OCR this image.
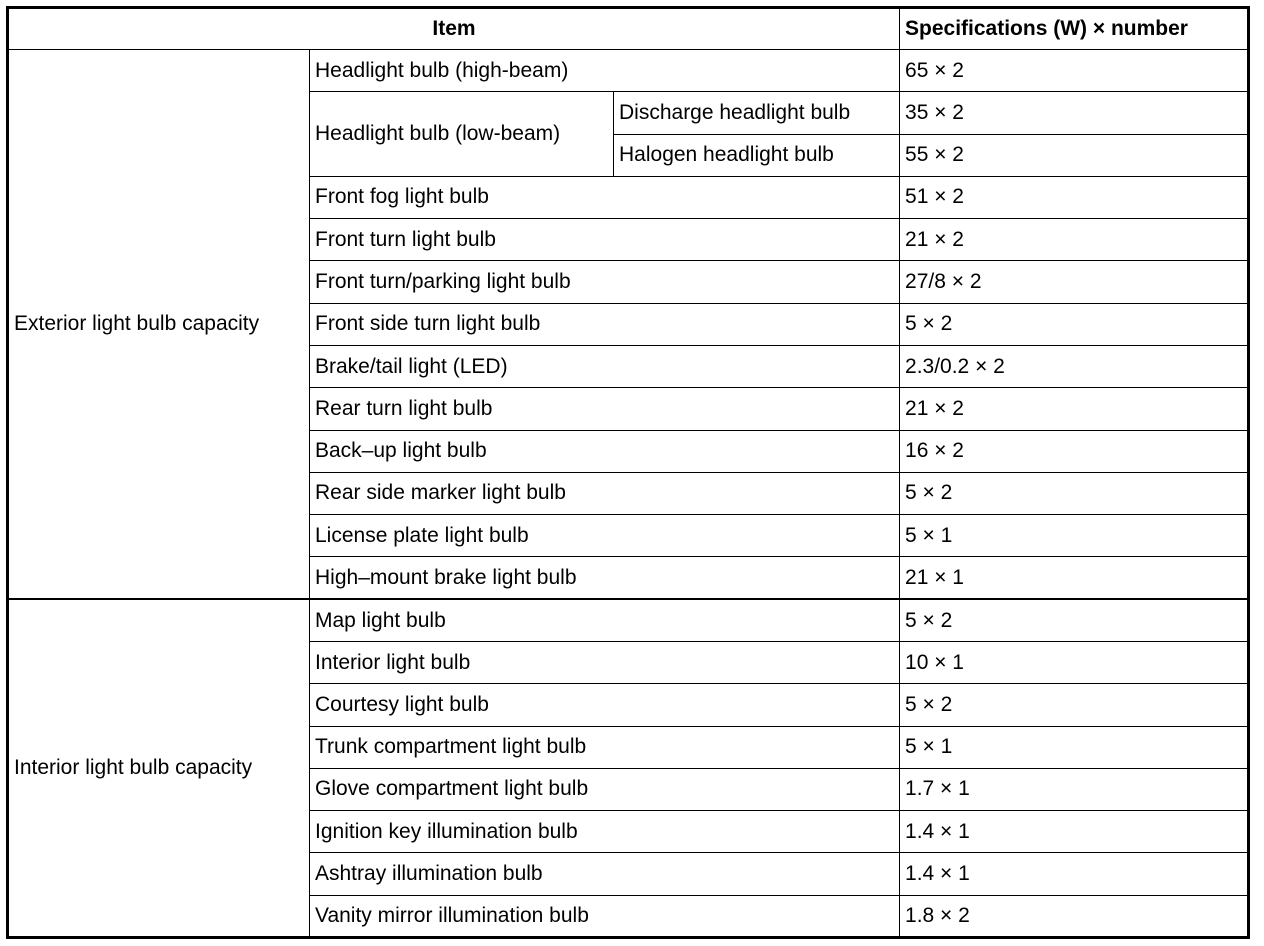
Item			Specifications (W) × number
Exterior light bulb capacity	Headlight bulb (high-beam)		65 × 2
	Headlight bulb (low-beam)	Discharge headlight bulb	35 × 2
		Halogen headlight bulb	55 × 2
	Front fog light bulb		51 × 2
	Front turn light bulb		21 × 2
	Front turn/parking light bulb		27/8 × 2
	Front side turn light bulb		5 × 2
	Brake/tail light (LED)		2.3/0.2 × 2
	Rear turn light bulb		21 × 2
	Back–up light bulb		16 × 2
	Rear side marker light bulb		5 × 2
	License plate light bulb		5 × 1
	High–mount brake light bulb		21 × 1
Interior light bulb capacity	Map light bulb		5 × 2
	Interior light bulb		10 × 1
	Courtesy light bulb		5 × 2
	Trunk compartment light bulb		5 × 1
	Glove compartment light bulb		1.7 × 1
	Ignition key illumination bulb		1.4 × 1
	Ashtray illumination bulb		1.4 × 1
	Vanity mirror illumination bulb		1.8 × 2
